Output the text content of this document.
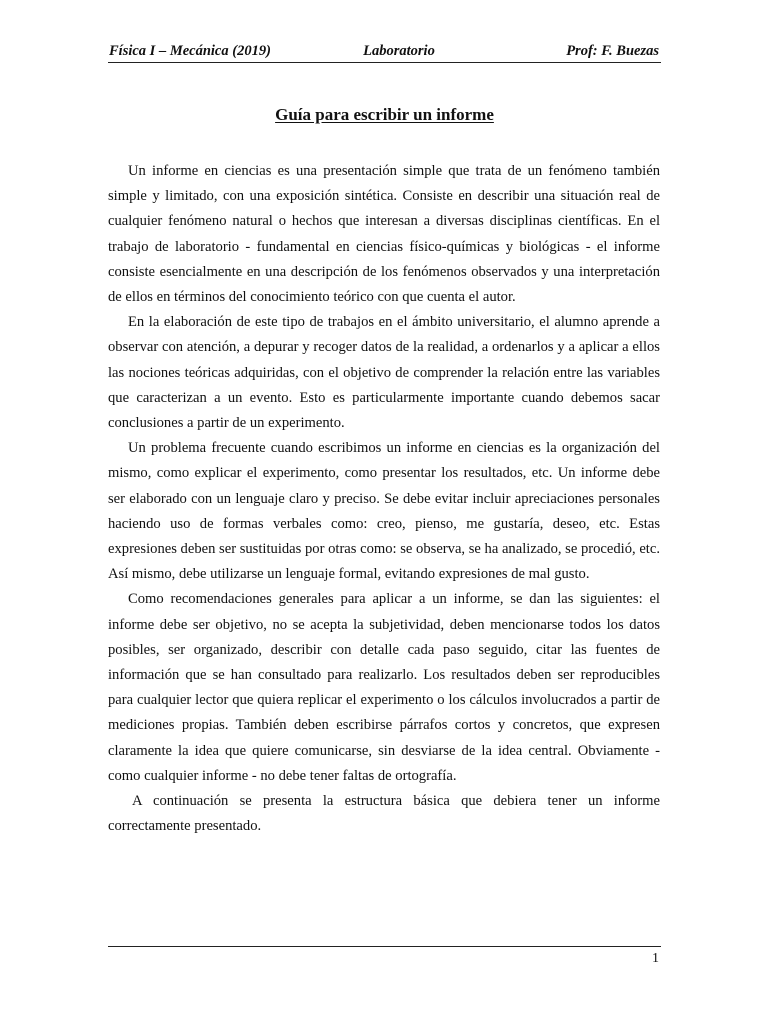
Física I – Mecánica (2019)	Laboratorio	Prof: F. Buezas
Guía para escribir un informe

Un informe en ciencias es una presentación simple que trata de un fenómeno también simple y limitado, con una exposición sintética. Consiste en describir una situación real de cualquier fenómeno natural o hechos que interesan a diversas disciplinas científicas. En el trabajo de laboratorio - fundamental en ciencias físico-químicas y biológicas - el informe consiste esencialmente en una descripción de los fenómenos observados y una interpretación de ellos en términos del conocimiento teórico con que cuenta el autor.

En la elaboración de este tipo de trabajos en el ámbito universitario, el alumno aprende a observar con atención, a depurar y recoger datos de la realidad, a ordenarlos y a aplicar a ellos las nociones teóricas adquiridas, con el objetivo de comprender la relación entre las variables que caracterizan a un evento. Esto es particularmente importante cuando debemos sacar conclusiones a partir de un experimento.

Un problema frecuente cuando escribimos un informe en ciencias es la organización del mismo, como explicar el experimento, como presentar los resultados, etc. Un informe debe ser elaborado con un lenguaje claro y preciso. Se debe evitar incluir apreciaciones personales haciendo uso de formas verbales como: creo, pienso, me gustaría, deseo, etc. Estas expresiones deben ser sustituidas por otras como: se observa, se ha analizado, se procedió, etc. Así mismo, debe utilizarse un lenguaje formal, evitando expresiones de mal gusto.

Como recomendaciones generales para aplicar a un informe, se dan las siguientes: el informe debe ser objetivo, no se acepta la subjetividad, deben mencionarse todos los datos posibles, ser organizado, describir con detalle cada paso seguido, citar las fuentes de información que se han consultado para realizarlo. Los resultados deben ser reproducibles para cualquier lector que quiera replicar el experimento o los cálculos involucrados a partir de mediciones propias. También deben escribirse párrafos cortos y concretos, que expresen claramente la idea que quiere comunicarse, sin desviarse de la idea central. Obviamente - como cualquier informe - no debe tener faltas de ortografía.

A continuación se presenta la estructura básica que debiera tener un informe correctamente presentado.

1
